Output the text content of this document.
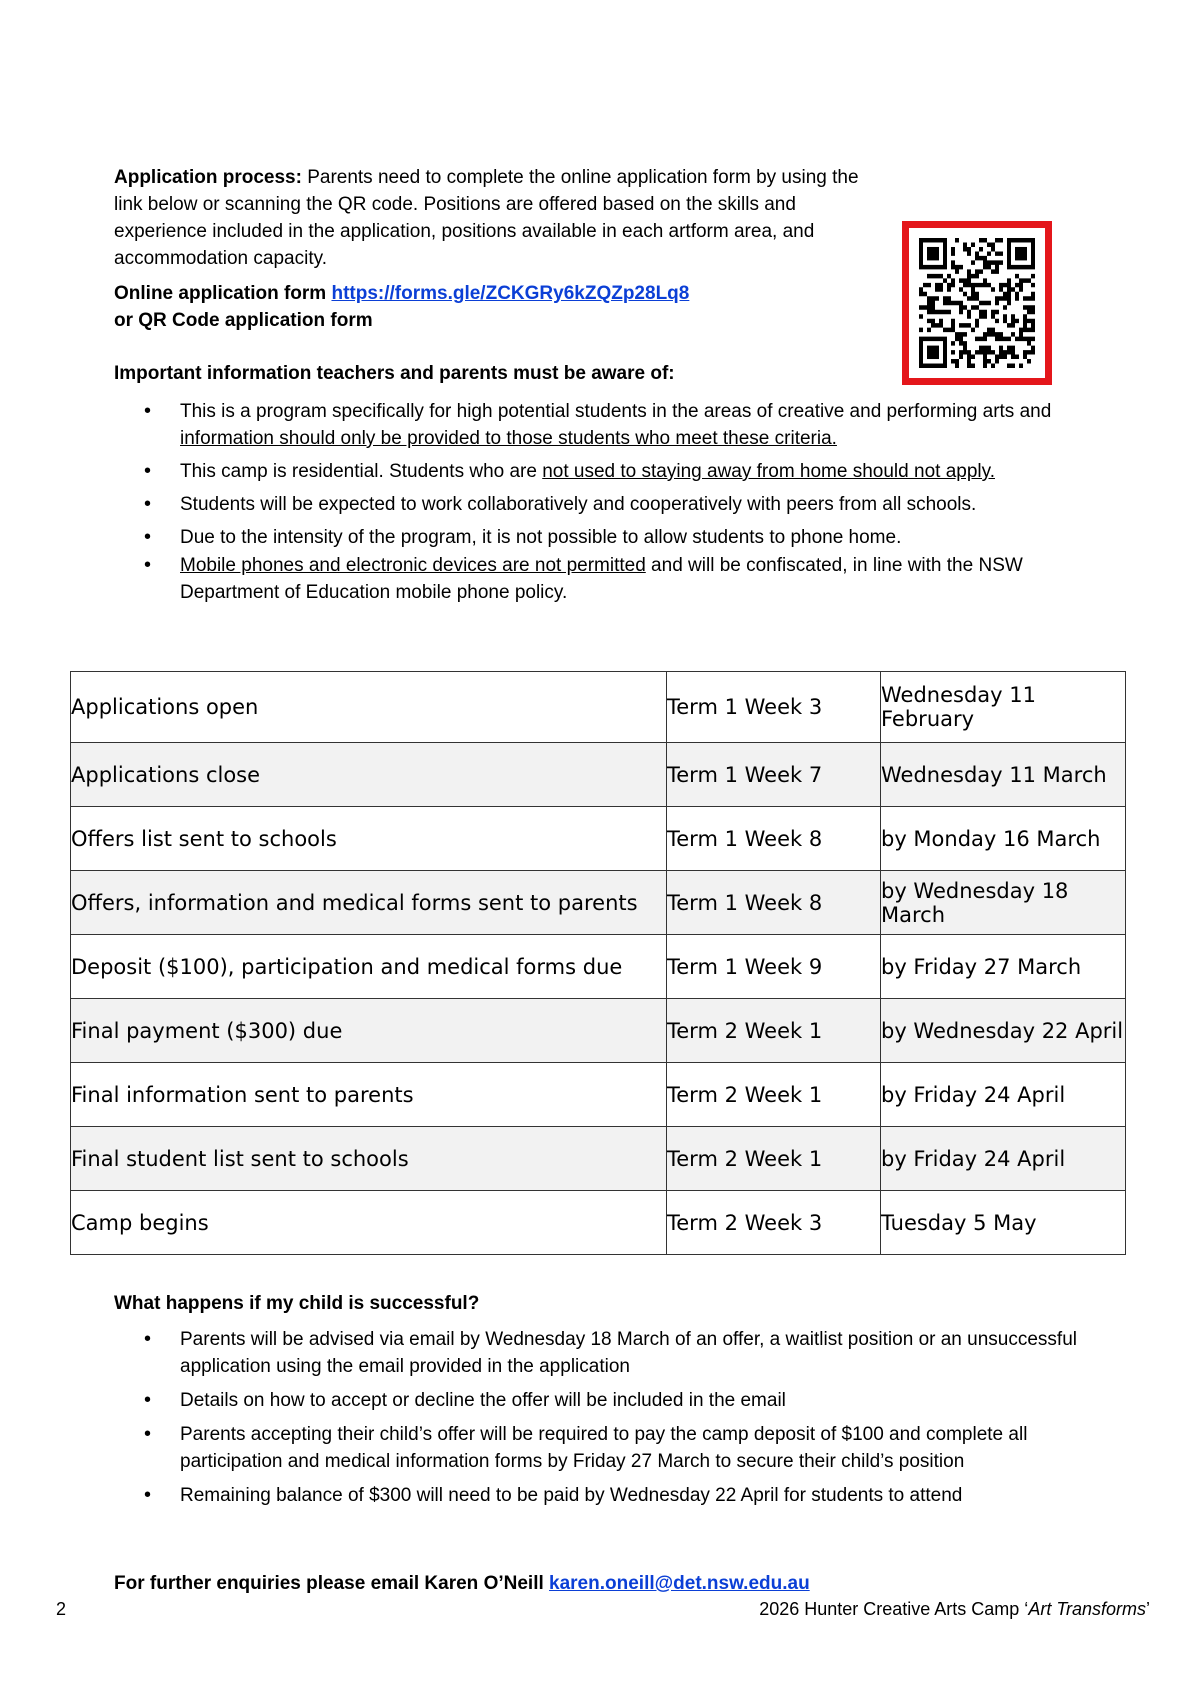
Application process: Parents need to complete the online application form by using the link below or scanning the QR code. Positions are offered based on the skills and experience included in the application, positions available in each artform area, and accommodation capacity.
Online application form https://forms.gle/ZCKGRy6kZQZp28Lq8
or QR Code application form
Important information teachers and parents must be aware of:
• This is a program specifically for high potential students in the areas of creative and performing arts and information should only be provided to those students who meet these criteria.
• This camp is residential. Students who are not used to staying away from home should not apply.
• Students will be expected to work collaboratively and cooperatively with peers from all schools.
• Due to the intensity of the program, it is not possible to allow students to phone home.
• Mobile phones and electronic devices are not permitted and will be confiscated, in line with the NSW Department of Education mobile phone policy.
Applications open	Term 1 Week 3	Wednesday 11 February
Applications close	Term 1 Week 7	Wednesday 11 March
Offers list sent to schools	Term 1 Week 8	by Monday 16 March
Offers, information and medical forms sent to parents	Term 1 Week 8	by Wednesday 18 March
Deposit ($100), participation and medical forms due	Term 1 Week 9	by Friday 27 March
Final payment ($300) due	Term 2 Week 1	by Wednesday 22 April
Final information sent to parents	Term 2 Week 1	by Friday 24 April
Final student list sent to schools	Term 2 Week 1	by Friday 24 April
Camp begins	Term 2 Week 3	Tuesday 5 May
What happens if my child is successful?
• Parents will be advised via email by Wednesday 18 March of an offer, a waitlist position or an unsuccessful application using the email provided in the application
• Details on how to accept or decline the offer will be included in the email
• Parents accepting their child’s offer will be required to pay the camp deposit of $100 and complete all participation and medical information forms by Friday 27 March to secure their child’s position
• Remaining balance of $300 will need to be paid by Wednesday 22 April for students to attend
For further enquiries please email Karen O’Neill karen.oneill@det.nsw.edu.au
2	2026 Hunter Creative Arts Camp ‘Art Transforms’
